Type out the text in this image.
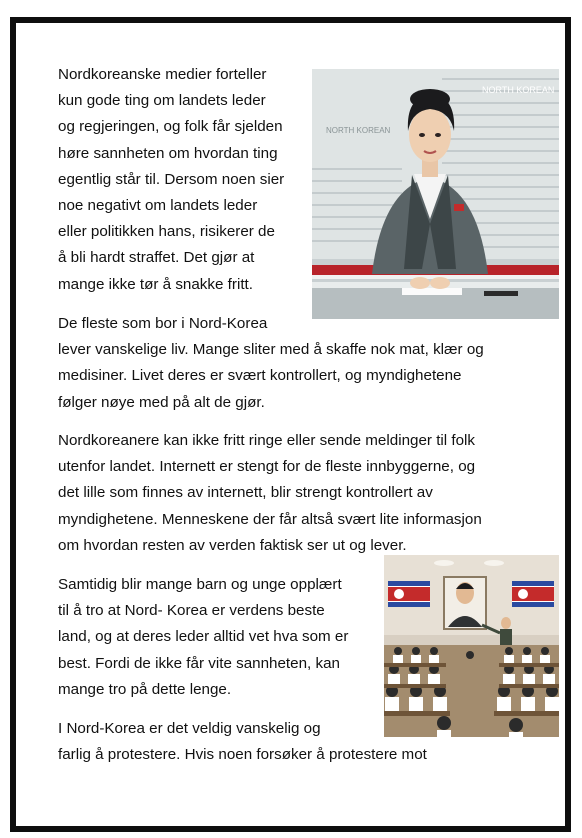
Nordkoreanske medier forteller
kun gode ting om landets leder
og regjeringen, og folk får sjelden
høre sannheten om hvordan ting
egentlig står til. Dersom noen sier
noe negativt om landets leder
eller politikken hans, risikerer de
å bli hardt straffet. Det gjør at
mange ikke tør å snakke fritt.
De fleste som bor i Nord-Korea
lever vanskelige liv. Mange sliter med å skaffe nok mat, klær og
medisiner. Livet deres er svært kontrollert, og myndighetene
følger nøye med på alt de gjør.
Nordkoreanere kan ikke fritt ringe eller sende meldinger til folk
utenfor landet. Internett er stengt for de fleste innbyggerne, og
det lille som finnes av internett, blir strengt kontrollert av
myndighetene. Menneskene der får altså svært lite informasjon
om hvordan resten av verden faktisk ser ut og lever.
Samtidig blir mange barn og unge opplært
til å tro at Nord- Korea er verdens beste
land, og at deres leder alltid vet hva som er
best. Fordi de ikke får vite sannheten, kan
mange tro på dette lenge.
I Nord-Korea er det veldig vanskelig og
farlig å protestere. Hvis noen forsøker å protestere mot
NORTH KOREAN
NORTH KOREAN
